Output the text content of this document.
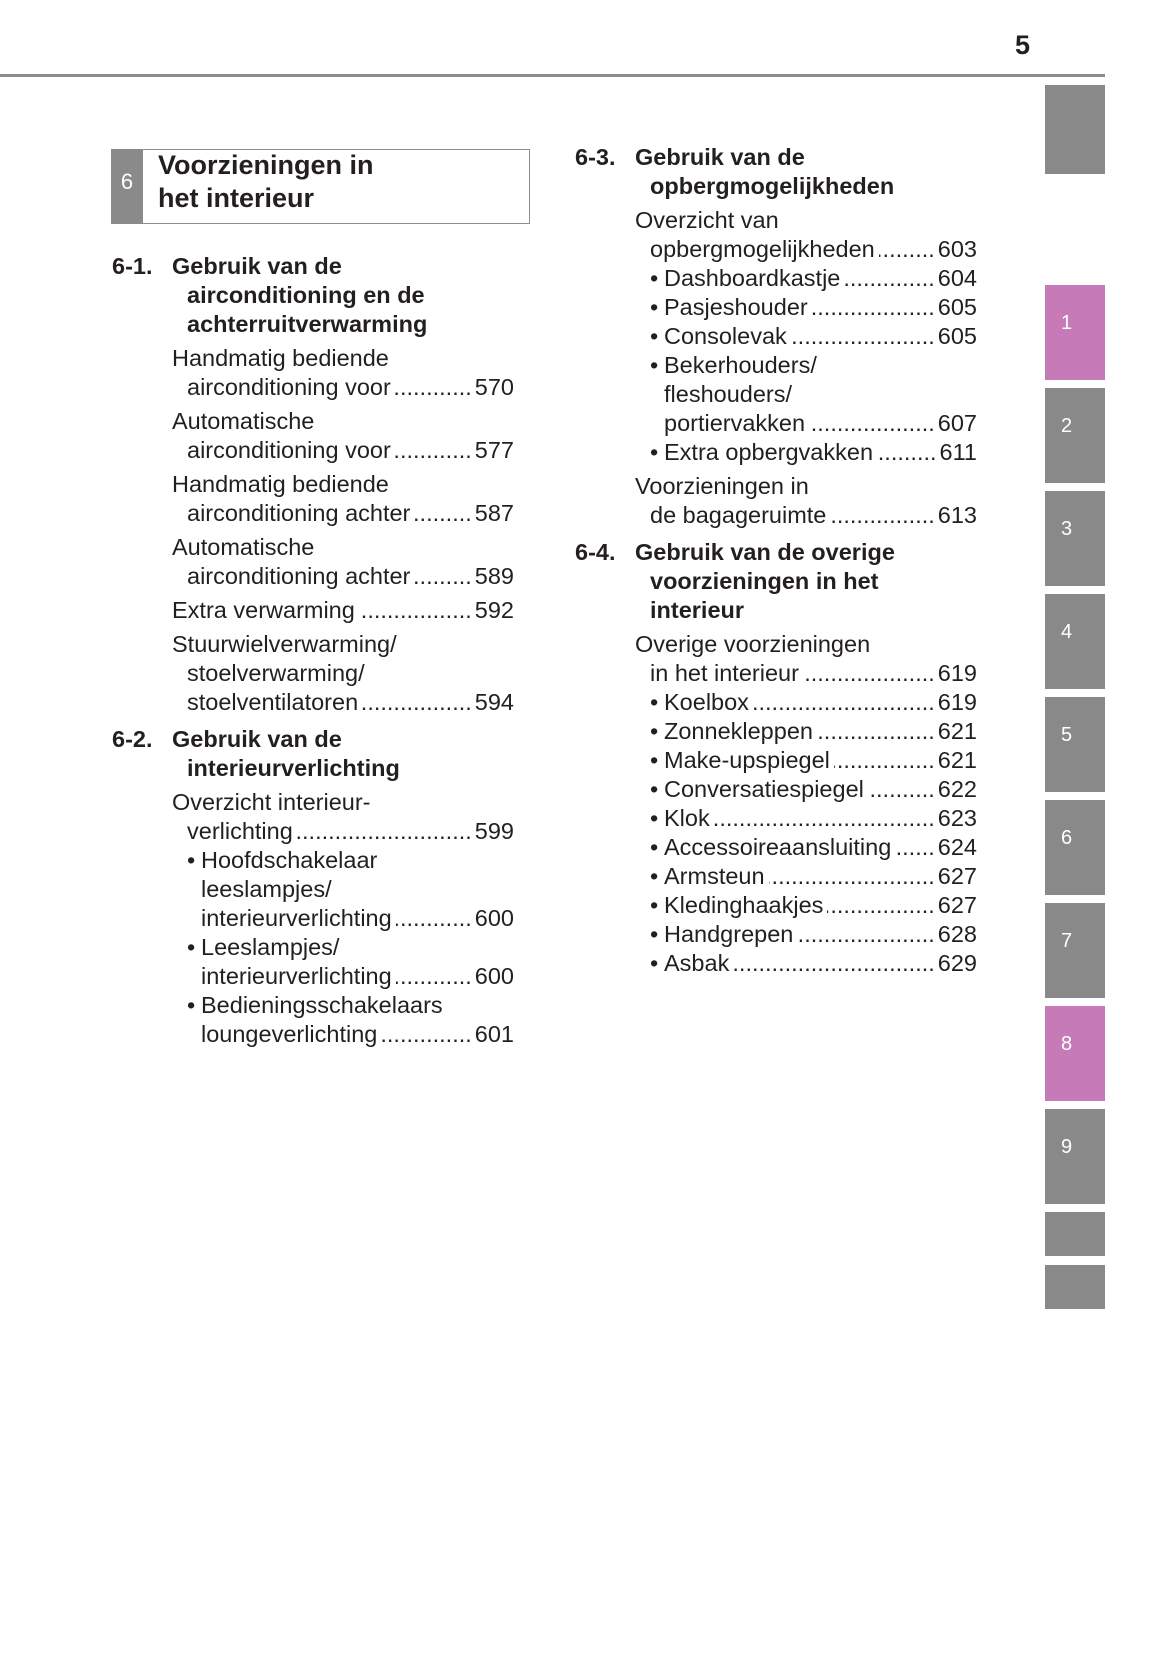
5
6
Voorzieningen in
het interieur
6-1. Gebruik van de
airconditioning en de
achterruitverwarming
Handmatig bediende
airconditioning voor .....	570
Automatische
airconditioning voor .....	577
Handmatig bediende
airconditioning achter .....	587
Automatische
airconditioning achter .....	589
Extra verwarming .....	592
Stuurwielverwarming/
stoelverwarming/
stoelventilatoren .....	594
6-2. Gebruik van de
interieurverlichting
Overzicht interieur-
verlichting .....	599
•
Hoofdschakelaar
leeslampjes/
interieurverlichting .....	600
•
Leeslampjes/
interieurverlichting .....	600
•
Bedieningsschakelaars
loungeverlichting .....	601
6-3. Gebruik van de
opbergmogelijkheden
Overzicht van
opbergmogelijkheden .....	603
•
Dashboardkastje .....	604
•
Pasjeshouder .....	605
•
Consolevak .....	605
•
Bekerhouders/
fleshouders/
portiervakken .....	607
•
Extra opbergvakken .....	611
Voorzieningen in
de bagageruimte .....	613
6-4. Gebruik van de overige
voorzieningen in het
interieur
Overige voorzieningen
in het interieur .....	619
•
Koelbox .....	619
•
Zonnekleppen .....	621
•
Make-upspiegel .....	621
•
Conversatiespiegel .....	622
•
Klok .....	623
•
Accessoireaansluiting ..... 624
•
Armsteun .....	627
•
Kledinghaakjes .....	627
•
Handgrepen .....	628
•
Asbak .....	629
1
2
3
4
5
6
7
8
9
